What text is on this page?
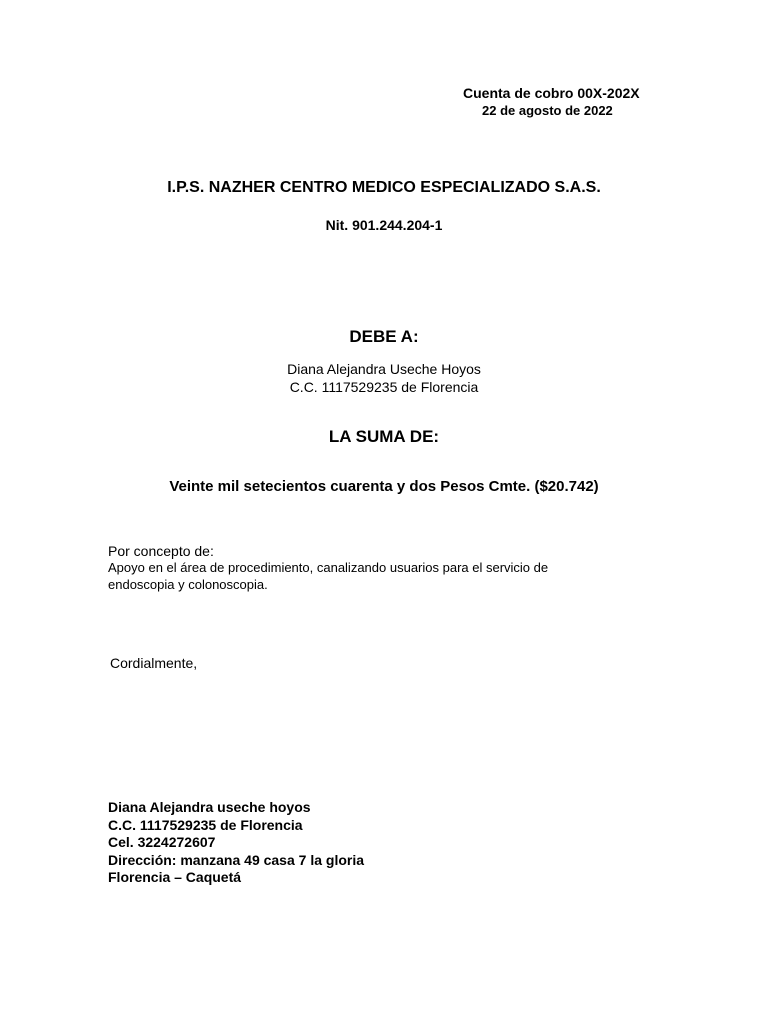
Cuenta de cobro 00X-202X
22 de agosto de 2022
I.P.S. NAZHER CENTRO MEDICO ESPECIALIZADO S.A.S.
Nit. 901.244.204-1
DEBE A:
Diana Alejandra Useche Hoyos
C.C. 1117529235 de Florencia
LA SUMA DE:
Veinte mil setecientos cuarenta y dos Pesos Cmte. ($20.742)
Por concepto de:
Apoyo en el área de procedimiento, canalizando usuarios para el servicio de endoscopia y colonoscopia.
Cordialmente,
Diana Alejandra useche hoyos
C.C. 1117529235 de Florencia
Cel. 3224272607
Dirección: manzana 49 casa 7 la gloria
Florencia – Caquetá
